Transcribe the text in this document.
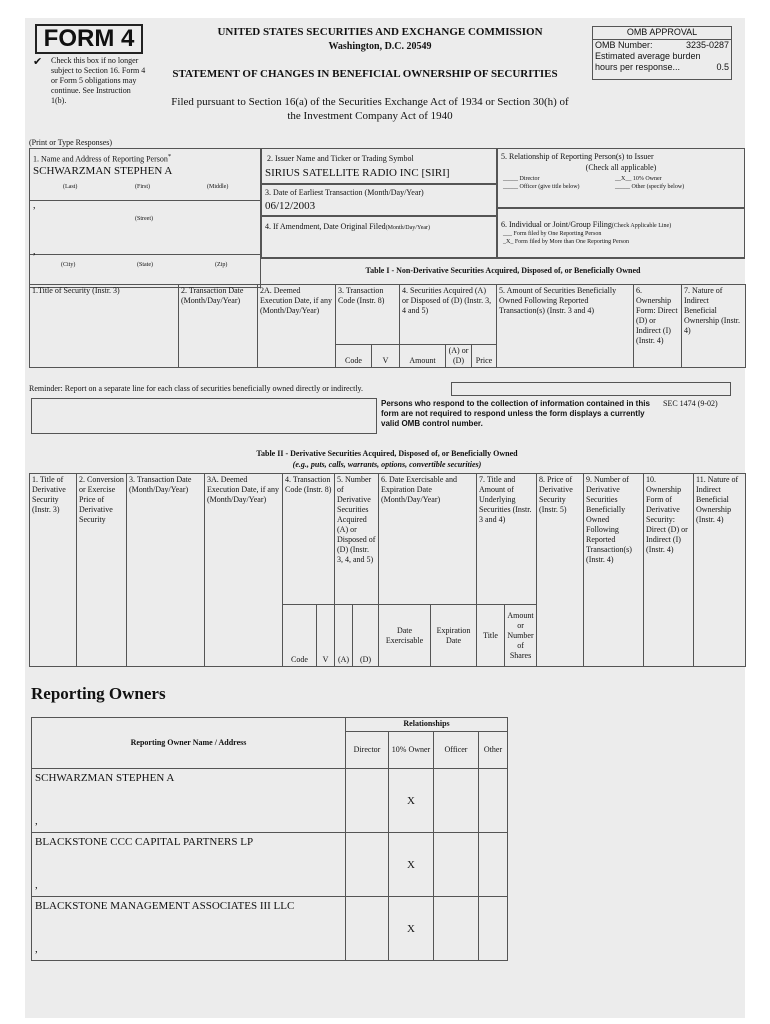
FORM 4
✔	Check this box if no longer subject to Section 16. Form 4 or Form 5 obligations may continue. See Instruction 1(b).
UNITED STATES SECURITIES AND EXCHANGE COMMISSION
Washington, D.C. 20549
STATEMENT OF CHANGES IN BENEFICIAL OWNERSHIP OF SECURITIES
Filed pursuant to Section 16(a) of the Securities Exchange Act of 1934 or Section 30(h) of
the Investment Company Act of 1940
OMB APPROVAL
OMB Number:	3235-0287
Estimated average burden
hours per response...	0.5
(Print or Type Responses)
1. Name and Address of Reporting Person*
SCHWARZMAN STEPHEN A
(Last)	(First)	(Middle)
,
(Street)
,
(City)	(State)	(Zip)
2. Issuer Name and Ticker or Trading Symbol
SIRIUS SATELLITE RADIO INC [SIRI]
3. Date of Earliest Transaction (Month/Day/Year)
06/12/2003
4. If Amendment, Date Original Filed(Month/Day/Year)
5. Relationship of Reporting Person(s) to Issuer
(Check all applicable)
_____ Director	__X__ 10% Owner
_____ Officer (give title below)	_____ Other (specify below)
6. Individual or Joint/Group Filing(Check Applicable Line)
___ Form filed by One Reporting Person
_X_ Form filed by More than One Reporting Person
Table I - Non-Derivative Securities Acquired, Disposed of, or Beneficially Owned
1.Title of Security (Instr. 3)	2. Transaction Date (Month/Day/Year)	2A. Deemed Execution Date, if any (Month/Day/Year)	3. Transaction Code (Instr. 8)		4. Securities Acquired (A) or Disposed of (D) (Instr. 3, 4 and 5)			5. Amount of Securities Beneficially Owned Following Reported Transaction(s) (Instr. 3 and 4)	6. Ownership Form: Direct (D) or Indirect (I) (Instr. 4)	7. Nature of Indirect Beneficial Ownership (Instr. 4)
			Code	V	Amount	(A) or (D)	Price			
Reminder: Report on a separate line for each class of securities beneficially owned directly or indirectly.
Persons who respond to the collection of information contained in this form are not required to respond unless the form displays a currently valid OMB control number.
SEC 1474 (9-02)
Table II - Derivative Securities Acquired, Disposed of, or Beneficially Owned
(e.g., puts, calls, warrants, options, convertible securities)
1. Title of Derivative Security (Instr. 3)	2. Conversion or Exercise Price of Derivative Security	3. Transaction Date (Month/Day/Year)	3A. Deemed Execution Date, if any (Month/Day/Year)	4. Transaction Code (Instr. 8)		5. Number of Derivative Securities Acquired (A) or Disposed of (D) (Instr. 3, 4, and 5)		6. Date Exercisable and Expiration Date (Month/Day/Year)		7. Title and Amount of Underlying Securities (Instr. 3 and 4)		8. Price of Derivative Security (Instr. 5)	9. Number of Derivative Securities Beneficially Owned Following Reported Transaction(s) (Instr. 4)	10. Ownership Form of Derivative Security: Direct (D) or Indirect (I) (Instr. 4)	11. Nature of Indirect Beneficial Ownership (Instr. 4)
				Code	V	(A)	(D)	Date Exercisable	Expiration Date	Title	Amount or Number of Shares				
Reporting Owners
Reporting Owner Name / Address	Relationships			
	Director	10% Owner	Officer	Other

SCHWARZMAN STEPHEN A
,		X		

BLACKSTONE CCC CAPITAL PARTNERS LP
,		X		

BLACKSTONE MANAGEMENT ASSOCIATES III LLC
,		X		
